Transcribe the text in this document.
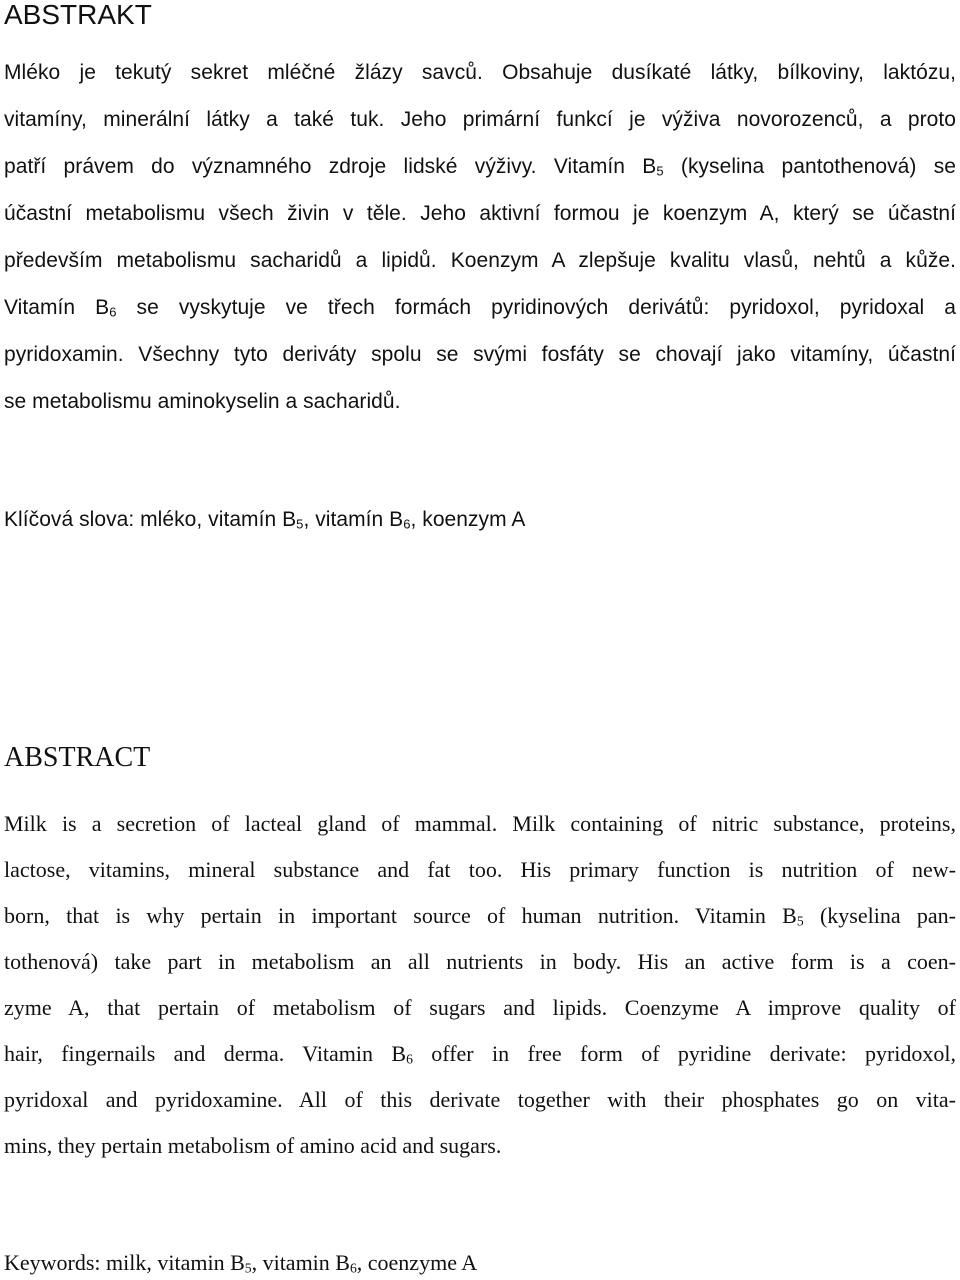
ABSTRAKT
Mléko je tekutý sekret mléčné žlázy savců. Obsahuje dusíkaté látky, bílkoviny, laktózu,
vitamíny, minerální látky a také tuk. Jeho primární funkcí je výživa novorozenců, a proto
patří právem do významného zdroje lidské výživy. Vitamín $B_5$ (kyselina pantothenová) se
účastní metabolismu všech živin v těle. Jeho aktivní formou je koenzym A, který se účastní
především metabolismu sacharidů a lipidů. Koenzym A zlepšuje kvalitu vlasů, nehtů a kůže.
Vitamín $B_6$ se vyskytuje ve třech formách pyridinových derivátů: pyridoxol, pyridoxal a
pyridoxamin. Všechny tyto deriváty spolu se svými fosfáty se chovají jako vitamíny, účastní
se metabolismu aminokyselin a sacharidů.
Klíčová slova: mléko, vitamín $B_5$, vitamín $B_6$, koenzym A
ABSTRACT
Milk is a secretion of lacteal gland of mammal. Milk containing of nitric substance, proteins,
lactose, vitamins, mineral substance and fat too. His primary function is nutrition of new-
born, that is why pertain in important source of human nutrition. Vitamin $B_5$ (kyselina pan-
tothenová) take part in metabolism an all nutrients in body. His an active form is a coen-
zyme A, that pertain of metabolism of sugars and lipids. Coenzyme A improve quality of
hair, fingernails and derma. Vitamin $B_6$ offer in free form of pyridine derivate: pyridoxol,
pyridoxal and pyridoxamine. All of this derivate together with their phosphates go on vita-
mins, they pertain metabolism of amino acid and sugars.
Keywords: milk, vitamin $B_5$, vitamin $B_6$, coenzyme A
